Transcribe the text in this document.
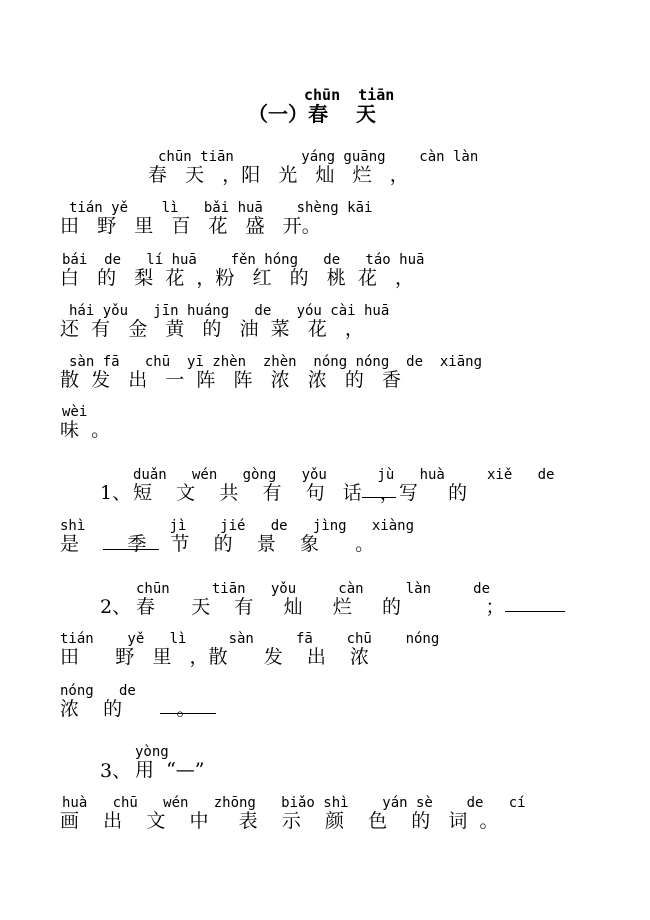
chūn  tiān
（一）春    天
chūn tiān        yáng guāng    càn làn
春   天   ，阳   光   灿   烂   ，
tián yě    lì   bǎi huā    shèng kāi
田   野   里   百   花   盛   开。
bái  de   lí huā    fěn hóng   de   táo huā
白   的   梨  花  ，粉   红   的   桃  花   ，
hái yǒu   jīn huáng   de   yóu cài huā
还  有   金   黄   的   油  菜   花   ，
sàn fā   chū  yī zhèn  zhèn  nóng nóng  de  xiāng
散  发   出   一  阵   阵   浓   浓   的   香
wèi
味  。
1、
duǎn   wén   gòng   yǒu      jù   huà     xiě   de
短    文    共    有    句   话   ，写     的
shì          jì    jié   de   jìng   xiàng
是        季    节    的    景    象      。
2、
chūn     tiān   yǒu     càn     làn     de
春      天    有     灿     烂     的              ；
tián    yě   lì     sàn     fā    chū    nóng
田      野   里   ，散      发    出    浓
nóng   de
浓    的         。
3、
yòng
用  “—”
huà   chū   wén   zhōng   biǎo shì    yán sè    de   cí
画    出    文    中     表    示    颜    色    的   词  。
